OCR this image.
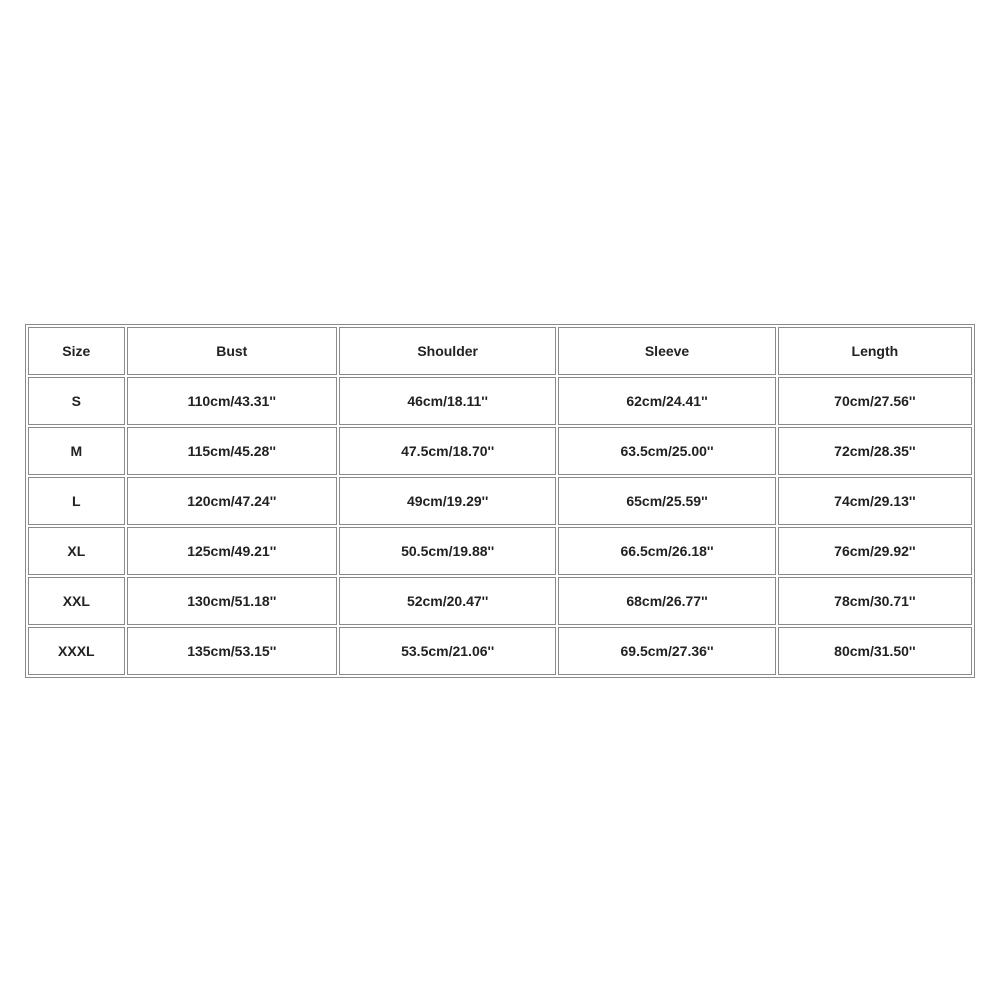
Size	Bust	Shoulder	Sleeve	Length
S	110cm/43.31''	46cm/18.11''	62cm/24.41''	70cm/27.56''
M	115cm/45.28''	47.5cm/18.70''	63.5cm/25.00''	72cm/28.35''
L	120cm/47.24''	49cm/19.29''	65cm/25.59''	74cm/29.13''
XL	125cm/49.21''	50.5cm/19.88''	66.5cm/26.18''	76cm/29.92''
XXL	130cm/51.18''	52cm/20.47''	68cm/26.77''	78cm/30.71''
XXXL	135cm/53.15''	53.5cm/21.06''	69.5cm/27.36''	80cm/31.50''
